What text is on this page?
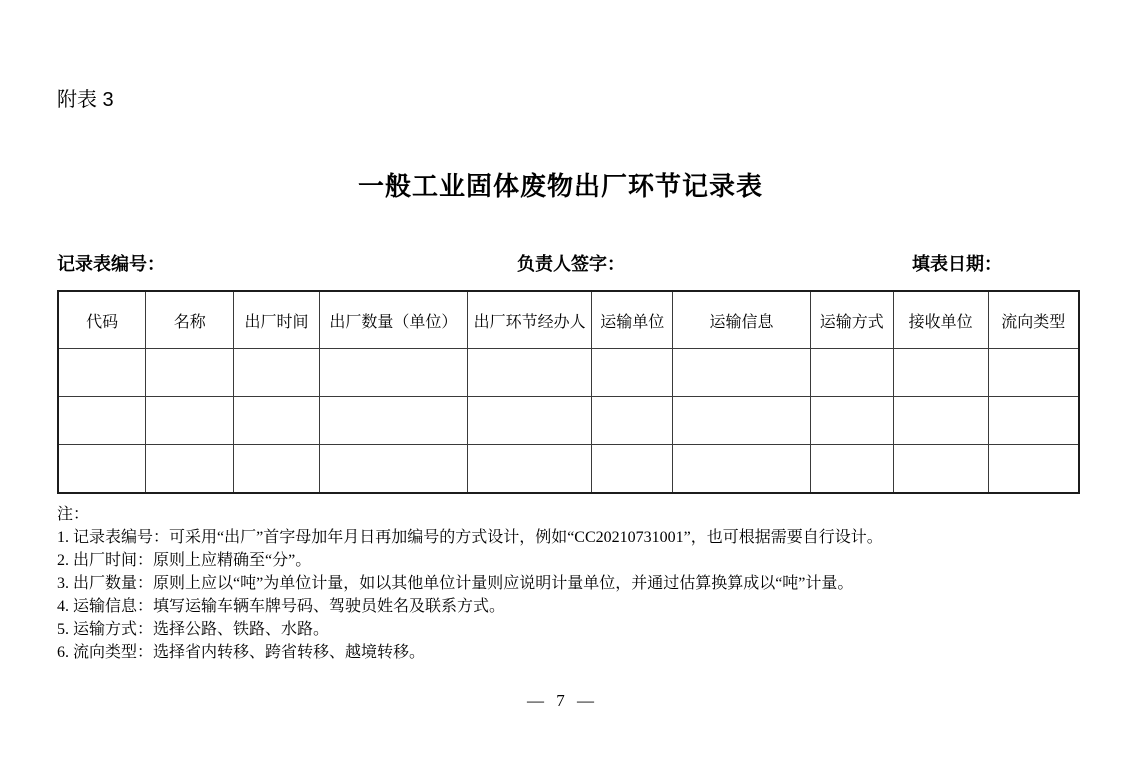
附表 3
一般工业固体废物出厂环节记录表
记录表编号：	负责人签字：	填表日期：
代码	名称	出厂时间	出厂数量（单位）	出厂环节经办人	运输单位	运输信息	运输方式	接收单位	流向类型

注：
1. 记录表编号：可采用“出厂”首字母加年月日再加编号的方式设计，例如“CC20210731001”，也可根据需要自行设计。
2. 出厂时间：原则上应精确至“分”。
3. 出厂数量：原则上应以“吨”为单位计量，如以其他单位计量则应说明计量单位，并通过估算换算成以“吨”计量。
4. 运输信息：填写运输车辆车牌号码、驾驶员姓名及联系方式。
5. 运输方式：选择公路、铁路、水路。
6. 流向类型：选择省内转移、跨省转移、越境转移。
— 7 —
